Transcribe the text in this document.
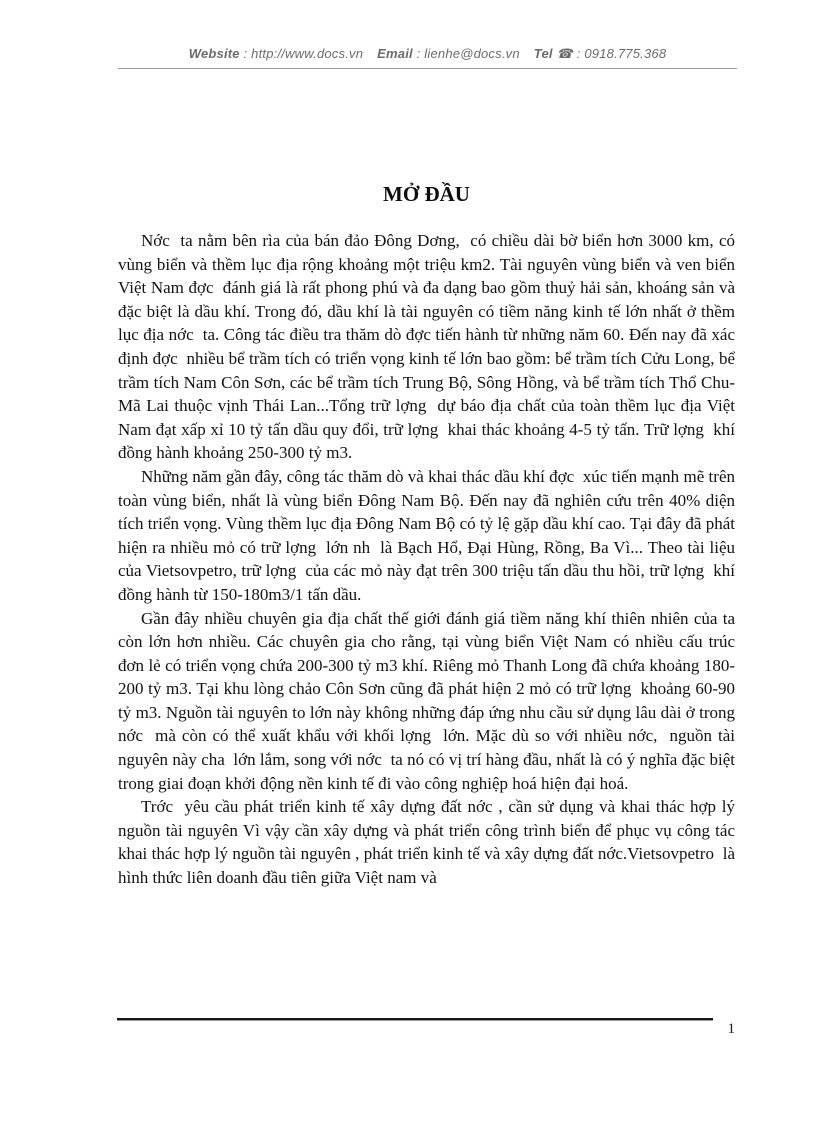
Website : http://www.docs.vn Email : lienhe@docs.vn Tel ☎ : 0918.775.368
MỞ ĐẦU

Nớc  ta nằm bên rìa của bán đảo Đông Dơng,  có chiều dài bờ biển hơn 3000 km, có vùng biển và thềm lục địa rộng khoảng một triệu km2. Tài nguyên vùng biển và ven biển Việt Nam đợc  đánh giá là rất phong phú và đa dạng bao gồm thuỷ hải sản, khoáng sản và đặc biệt là dầu khí. Trong đó, dầu khí là tài nguyên có tiềm năng kinh tế lớn nhất ở thềm lục địa nớc  ta. Công tác điều tra thăm dò đợc tiến hành từ những năm 60. Đến nay đã xác định đợc  nhiều bể trầm tích có triển vọng kinh tế lớn bao gồm: bể trầm tích Cửu Long, bể trầm tích Nam Côn Sơn, các bể trầm tích Trung Bộ, Sông Hồng, và bể trầm tích Thổ Chu-Mã Lai thuộc vịnh Thái Lan...Tổng trữ lợng  dự báo địa chất của toàn thềm lục địa Việt Nam đạt xấp xỉ 10 tỷ tấn dầu quy đổi, trữ lợng  khai thác khoảng 4-5 tỷ tấn. Trữ lợng  khí đồng hành khoảng 250-300 tỷ m3.

Những năm gần đây, công tác thăm dò và khai thác dầu khí đợc  xúc tiến mạnh mẽ trên toàn vùng biển, nhất là vùng biển Đông Nam Bộ. Đến nay đã nghiên cứu trên 40% diện tích triển vọng. Vùng thềm lục địa Đông Nam Bộ có tỷ lệ gặp dầu khí cao. Tại đây đã phát hiện ra nhiều mỏ có trữ lợng  lớn nh  là Bạch Hổ, Đại Hùng, Rồng, Ba Vì... Theo tài liệu của Vietsovpetro, trữ lợng  của các mỏ này đạt trên 300 triệu tấn dầu thu hồi, trữ lợng  khí đồng hành từ 150-180m3/1 tấn dầu.

Gần đây nhiều chuyên gia địa chất thế giới đánh giá tiềm năng khí thiên nhiên của ta còn lớn hơn nhiều. Các chuyên gia cho rằng, tại vùng biển Việt Nam có nhiều cấu trúc đơn lẻ có triển vọng chứa 200-300 tỷ m3 khí. Riêng mỏ Thanh Long đã chứa khoảng 180-200 tỷ m3. Tại khu lòng chảo Côn Sơn cũng đã phát hiện 2 mỏ có trữ lợng  khoảng 60-90 tỷ m3. Nguồn tài nguyên to lớn này không những đáp ứng nhu cầu sử dụng lâu dài ở trong nớc  mà còn có thể xuất khẩu với khối lợng  lớn. Mặc dù so với nhiều nớc,  nguồn tài nguyên này cha  lớn lắm, song với nớc  ta nó có vị trí hàng đầu, nhất là có ý nghĩa đặc biệt trong giai đoạn khởi động nền kinh tế đi vào công nghiệp hoá hiện đại hoá.

Trớc  yêu cầu phát triển kinh tế xây dựng đất nớc , cần sử dụng và khai thác hợp lý nguồn tài nguyên Vì vậy cần xây dựng và phát triển công trình biển để phục vụ công tác khai thác hợp lý nguồn tài nguyên , phát triển kinh tế và xây dựng đất nớc.Vietsovpetro  là hình thức liên doanh đầu tiên giữa Việt nam và

1
